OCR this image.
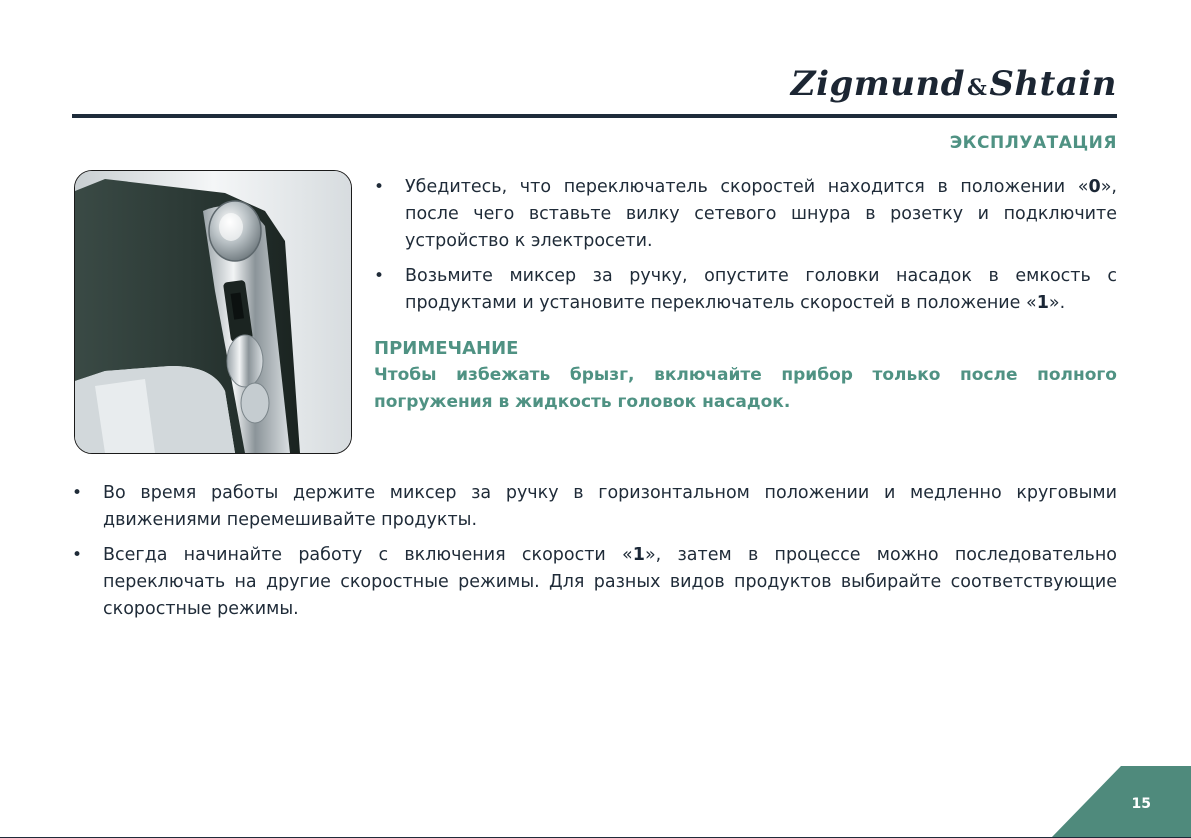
Zigmund&Shtain
ЭКСПЛУАТАЦИЯ
• Убедитесь, что переключатель скоростей находится в положении «0», после чего вставьте вилку сетевого шнура в розетку и подключите устройство к электросети.
• Возьмите миксер за ручку, опустите головки насадок в емкость с продуктами и установите переключатель скоростей в положение «1».
ПРИМЕЧАНИЕ
Чтобы избежать брызг, включайте прибор только после полного погружения в жидкость головок насадок.
• Во время работы держите миксер за ручку в горизонтальном положении и медленно круговыми движениями перемешивайте продукты.
• Всегда начинайте работу с включения скорости «1», затем в процессе можно последовательно переключать на другие скоростные режимы. Для разных видов продуктов выбирайте соответствующие скоростные режимы.
15
